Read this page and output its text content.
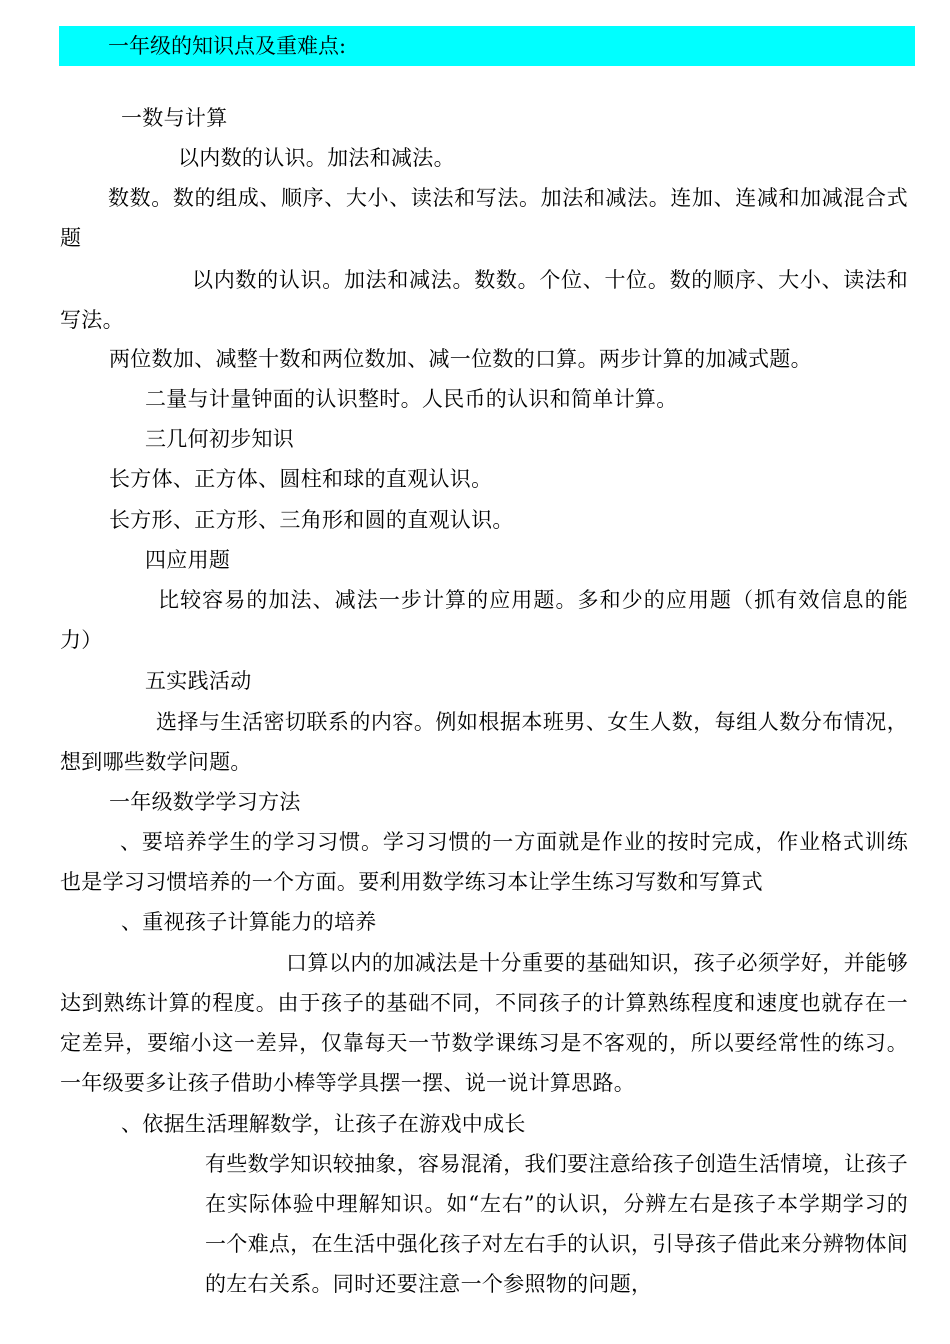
一年级的知识点及重难点:
一数与计算
以内数的认识。加法和减法。
数数。数的组成、顺序、大小、读法和写法。加法和减法。连加、连减和加减混合式题
以内数的认识。加法和减法。数数。个位、十位。数的顺序、大小、读法和写法。
两位数加、减整十数和两位数加、减一位数的口算。两步计算的加减式题。
二量与计量钟面的认识整时。人民币的认识和简单计算。
三几何初步知识
长方体、正方体、圆柱和球的直观认识。
长方形、正方形、三角形和圆的直观认识。
四应用题
比较容易的加法、减法一步计算的应用题。多和少的应用题（抓有效信息的能力）
五实践活动
选择与生活密切联系的内容。例如根据本班男、女生人数，每组人数分布情况，想到哪些数学问题。
一年级数学学习方法
、要培养学生的学习习惯。学习习惯的一方面就是作业的按时完成，作业格式训练也是学习习惯培养的一个方面。要利用数学练习本让学生练习写数和写算式
、重视孩子计算能力的培养
口算以内的加减法是十分重要的基础知识，孩子必须学好，并能够达到熟练计算的程度。由于孩子的基础不同，不同孩子的计算熟练程度和速度也就存在一定差异，要缩小这一差异，仅靠每天一节数学课练习是不客观的，所以要经常性的练习。一年级要多让孩子借助小棒等学具摆一摆、说一说计算思路。
、依据生活理解数学，让孩子在游戏中成长
有些数学知识较抽象，容易混淆，我们要注意给孩子创造生活情境，让孩子在实际体验中理解知识。如“左右”的认识，分辨左右是孩子本学期学习的一个难点，在生活中强化孩子对左右手的认识，引导孩子借此来分辨物体间的左右关系。同时还要注意一个参照物的问题，
